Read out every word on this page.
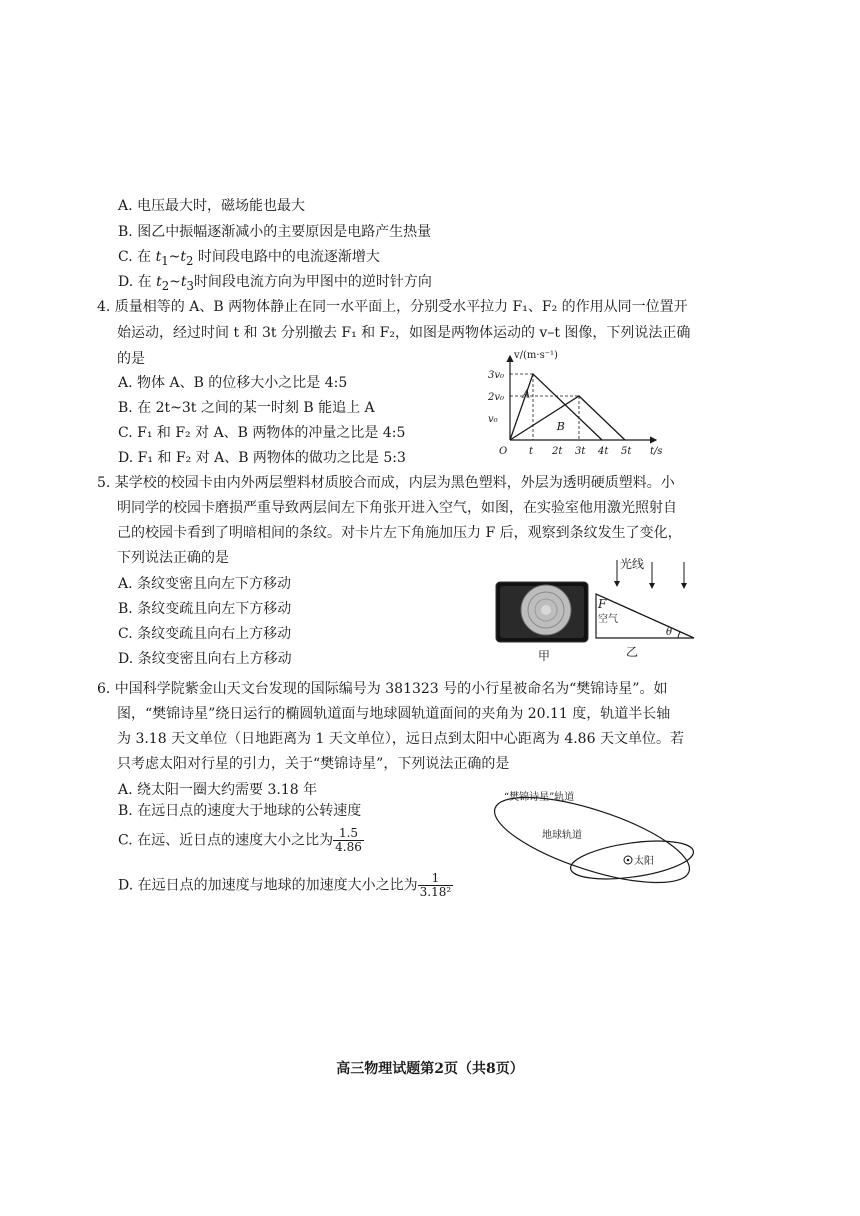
A. 电压最大时，磁场能也最大
B. 图乙中振幅逐渐减小的主要原因是电路产生热量
C. 在 $t_1\sim t_2$ 时间段电路中的电流逐渐增大
D. 在 $t_2\sim t_3$时间段电流方向为甲图中的逆时针方向
4. 质量相等的 A、B 两物体静止在同一水平面上，分别受水平拉力 F₁、F₂ 的作用从同一位置开
始运动，经过时间 t 和 3t 分别撤去 F₁ 和 F₂，如图是两物体运动的 v–t 图像，下列说法正确
的是
A. 物体 A、B 的位移大小之比是 4:5
B. 在 2t~3t 之间的某一时刻 B 能追上 A
C. F₁ 和 F₂ 对 A、B 两物体的冲量之比是 4:5
D. F₁ 和 F₂ 对 A、B 两物体的做功之比是 5:3
v/(m·s⁻¹)
t/s
O t 2t 3t 4t 5t
v₀
2v₀
3v₀
A
B
5. 某学校的校园卡由内外两层塑料材质胶合而成，内层为黑色塑料，外层为透明硬质塑料。小
明同学的校园卡磨损严重导致两层间左下角张开进入空气，如图，在实验室他用激光照射自
己的校园卡看到了明暗相间的条纹。对卡片左下角施加压力 F 后，观察到条纹发生了变化，
下列说法正确的是
A. 条纹变密且向左下方移动
B. 条纹变疏且向左下方移动
C. 条纹变疏且向右上方移动
D. 条纹变密且向右上方移动	甲
光线
F
空气
θ
乙
6. 中国科学院紫金山天文台发现的国际编号为 381323 号的小行星被命名为“樊锦诗星”。如
图，“樊锦诗星”绕日运行的椭圆轨道面与地球圆轨道面间的夹角为 20.11 度，轨道半长轴
为 3.18 天文单位（日地距离为 1 天文单位），远日点到太阳中心距离为 4.86 天文单位。若
只考虑太阳对行星的引力，关于“樊锦诗星”，下列说法正确的是
A. 绕太阳一圈大约需要 3.18 年
B. 在远日点的速度大于地球的公转速度
C. 在远、近日点的速度大小之比为 $\frac{1.5}{4.86}$
D. 在远日点的加速度与地球的加速度大小之比为 $\frac{1}{\text{3.18²}}$
“樊锦诗星”轨道
地球轨道
太阳
高三物理试题第2页（共8页）
